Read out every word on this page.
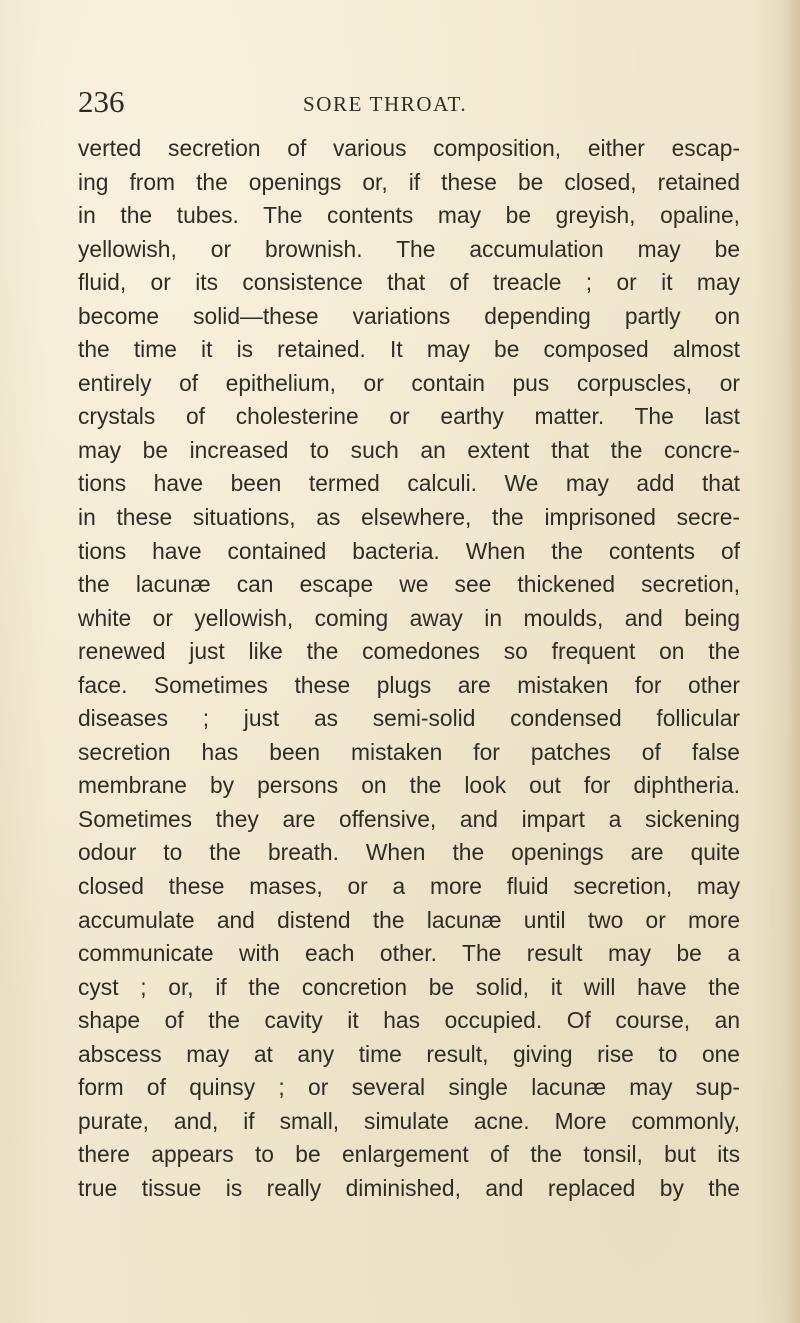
236	SORE THROAT.
verted secretion of various composition, either escap-
ing from the openings or, if these be closed, retained
in the tubes. The contents may be greyish, opaline,
yellowish, or brownish. The accumulation may be
fluid, or its consistence that of treacle ; or it may
become solid—these variations depending partly on
the time it is retained. It may be composed almost
entirely of epithelium, or contain pus corpuscles, or
crystals of cholesterine or earthy matter. The last
may be increased to such an extent that the concre-
tions have been termed calculi. We may add that
in these situations, as elsewhere, the imprisoned secre-
tions have contained bacteria. When the contents of
the lacunæ can escape we see thickened secretion,
white or yellowish, coming away in moulds, and being
renewed just like the comedones so frequent on the
face. Sometimes these plugs are mistaken for other
diseases ; just as semi-solid condensed follicular
secretion has been mistaken for patches of false
membrane by persons on the look out for diphtheria.
Sometimes they are offensive, and impart a sickening
odour to the breath. When the openings are quite
closed these mases, or a more fluid secretion, may
accumulate and distend the lacunæ until two or more
communicate with each other. The result may be a
cyst ; or, if the concretion be solid, it will have the
shape of the cavity it has occupied. Of course, an
abscess may at any time result, giving rise to one
form of quinsy ; or several single lacunæ may sup-
purate, and, if small, simulate acne. More commonly,
there appears to be enlargement of the tonsil, but its
true tissue is really diminished, and replaced by the
